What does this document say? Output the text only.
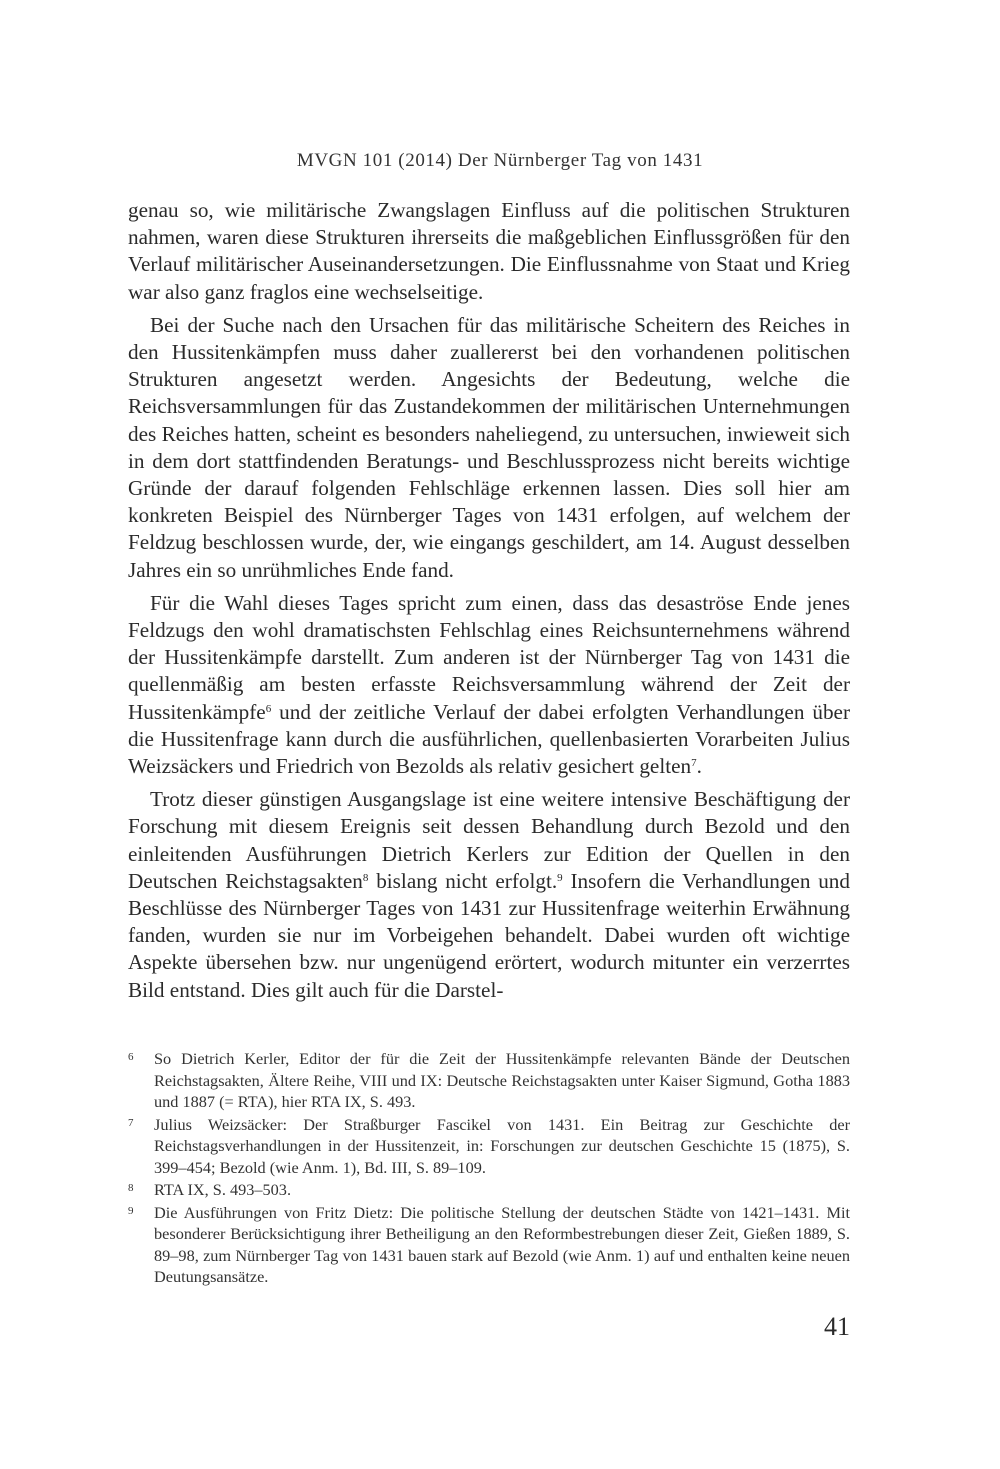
MVGN 101 (2014) Der Nürnberger Tag von 1431

genau so, wie militärische Zwangslagen Einfluss auf die politischen Strukturen nahmen, waren diese Strukturen ihrerseits die maßgeblichen Einflussgrößen für den Verlauf militärischer Auseinandersetzungen. Die Einflussnahme von Staat und Krieg war also ganz fraglos eine wechselseitige.

Bei der Suche nach den Ursachen für das militärische Scheitern des Reiches in den Hussitenkämpfen muss daher zuallererst bei den vorhandenen politischen Strukturen angesetzt werden. Angesichts der Bedeutung, welche die Reichsversammlungen für das Zustandekommen der militärischen Unternehmungen des Reiches hatten, scheint es besonders naheliegend, zu untersuchen, inwieweit sich in dem dort stattfindenden Beratungs- und Beschlussprozess nicht bereits wichtige Gründe der darauf folgenden Fehlschläge erkennen lassen. Dies soll hier am konkreten Beispiel des Nürnberger Tages von 1431 erfolgen, auf welchem der Feldzug beschlossen wurde, der, wie eingangs geschildert, am 14. August desselben Jahres ein so unrühmliches Ende fand.

Für die Wahl dieses Tages spricht zum einen, dass das desaströse Ende jenes Feldzugs den wohl dramatischsten Fehlschlag eines Reichsunternehmens während der Hussitenkämpfe darstellt. Zum anderen ist der Nürnberger Tag von 1431 die quellenmäßig am besten erfasste Reichsversammlung während der Zeit der Hussitenkämpfe$^6$ und der zeitliche Verlauf der dabei erfolgten Verhandlungen über die Hussitenfrage kann durch die ausführlichen, quellenbasierten Vorarbeiten Julius Weizsäckers und Friedrich von Bezolds als relativ gesichert gelten$^7$.

Trotz dieser günstigen Ausgangslage ist eine weitere intensive Beschäftigung der Forschung mit diesem Ereignis seit dessen Behandlung durch Bezold und den einleitenden Ausführungen Dietrich Kerlers zur Edition der Quellen in den Deutschen Reichstagsakten$^8$ bislang nicht erfolgt.$^9$ Insofern die Verhandlungen und Beschlüsse des Nürnberger Tages von 1431 zur Hussitenfrage weiterhin Erwähnung fanden, wurden sie nur im Vorbeigehen behandelt. Dabei wurden oft wichtige Aspekte übersehen bzw. nur ungenügend erörtert, wodurch mitunter ein verzerrtes Bild entstand. Dies gilt auch für die Darstel-

6	So Dietrich Kerler, Editor der für die Zeit der Hussitenkämpfe relevanten Bände der Deutschen Reichstagsakten, Ältere Reihe, VIII und IX: Deutsche Reichstagsakten unter Kaiser Sigmund, Gotha 1883 und 1887 (= RTA), hier RTA IX, S. 493.
7	Julius Weizsäcker: Der Straßburger Fascikel von 1431. Ein Beitrag zur Geschichte der Reichstagsverhandlungen in der Hussitenzeit, in: Forschungen zur deutschen Geschichte 15 (1875), S. 399–454; Bezold (wie Anm. 1), Bd. III, S. 89–109.
8	RTA IX, S. 493–503.
9	Die Ausführungen von Fritz Dietz: Die politische Stellung der deutschen Städte von 1421–1431. Mit besonderer Berücksichtigung ihrer Betheiligung an den Reformbestrebungen dieser Zeit, Gießen 1889, S. 89–98, zum Nürnberger Tag von 1431 bauen stark auf Bezold (wie Anm. 1) auf und enthalten keine neuen Deutungsansätze.
41
